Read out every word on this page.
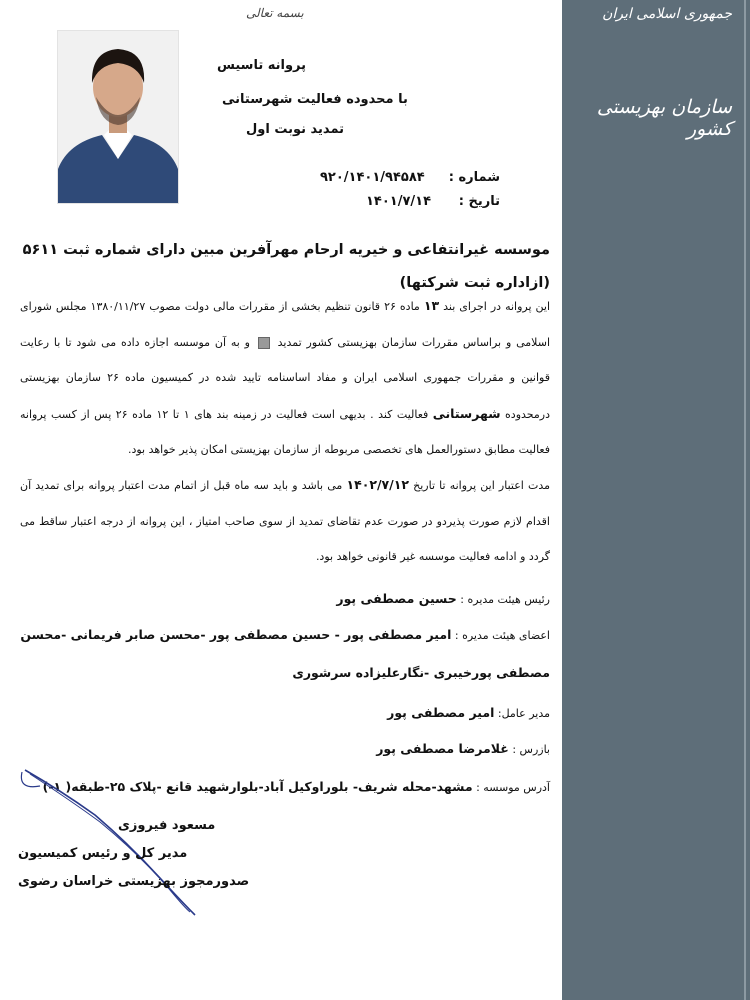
جمهوری اسلامی ایران
سازمان بهزیستی کشور
بسمه تعالی
پروانه تاسیس
با محدوده فعالیت شهرستانی
تمدید نوبت اول
شماره :
۹۲۰/۱۴۰۱/۹۴۵۸۴
تاریخ :
۱۴۰۱/۷/۱۴
موسسه غیرانتفاعی و خیریه ارحام مهرآفرین مبین دارای شماره ثبت ۵۶۱۱ (ازاداره ثبت شرکتها)
این پروانه در اجرای بند ۱۳ ماده ۲۶ قانون تنظیم بخشی از مقررات مالی دولت مصوب ۱۳۸۰/۱۱/۲۷ مجلس شورای اسلامی و براساس مقررات سازمان بهزیستی کشور تمدید  و به آن موسسه اجازه داده می شود تا با رعایت قوانین و مقررات جمهوری اسلامی ایران و مفاد اساسنامه تایید شده در کمیسیون ماده ۲۶ سازمان بهزیستی درمحدوده شهرستانی فعالیت کند . بدیهی است فعالیت در زمینه بند های ۱ تا ۱۲ ماده ۲۶ پس از کسب پروانه فعالیت مطابق دستورالعمل های تخصصی مربوطه از سازمان بهزیستی امکان پذیر خواهد بود.
مدت اعتبار این پروانه تا تاریخ ۱۴۰۲/۷/۱۲ می باشد و باید سه ماه قبل از اتمام مدت اعتبار پروانه برای تمدید آن اقدام لازم صورت پذیردو در صورت عدم تقاضای تمدید از سوی صاحب امتیاز ، این پروانه از درجه اعتبار ساقط می گردد و ادامه فعالیت موسسه غیر قانونی خواهد بود.
رئیس هیئت مدیره : حسین مصطفی پور
اعضای هیئت مدیره : امیر مصطفی پور - حسین مصطفی پور -محسن صابر فریمانی -محسن
مصطفی پورخیبری -نگارعلیزاده سرشوری
مدیر عامل: امیر مصطفی پور
بازرس : غلامرضا مصطفی پور
آدرس موسسه : مشهد-محله شریف- بلوراوکیل آباد-بلوارشهید قانع -پلاک ۲۵-طبقه( ۱-)
مسعود فیروزی
مدیر کل و رئیس کمیسیون
صدورمجوز بهزیستی خراسان رضوی
